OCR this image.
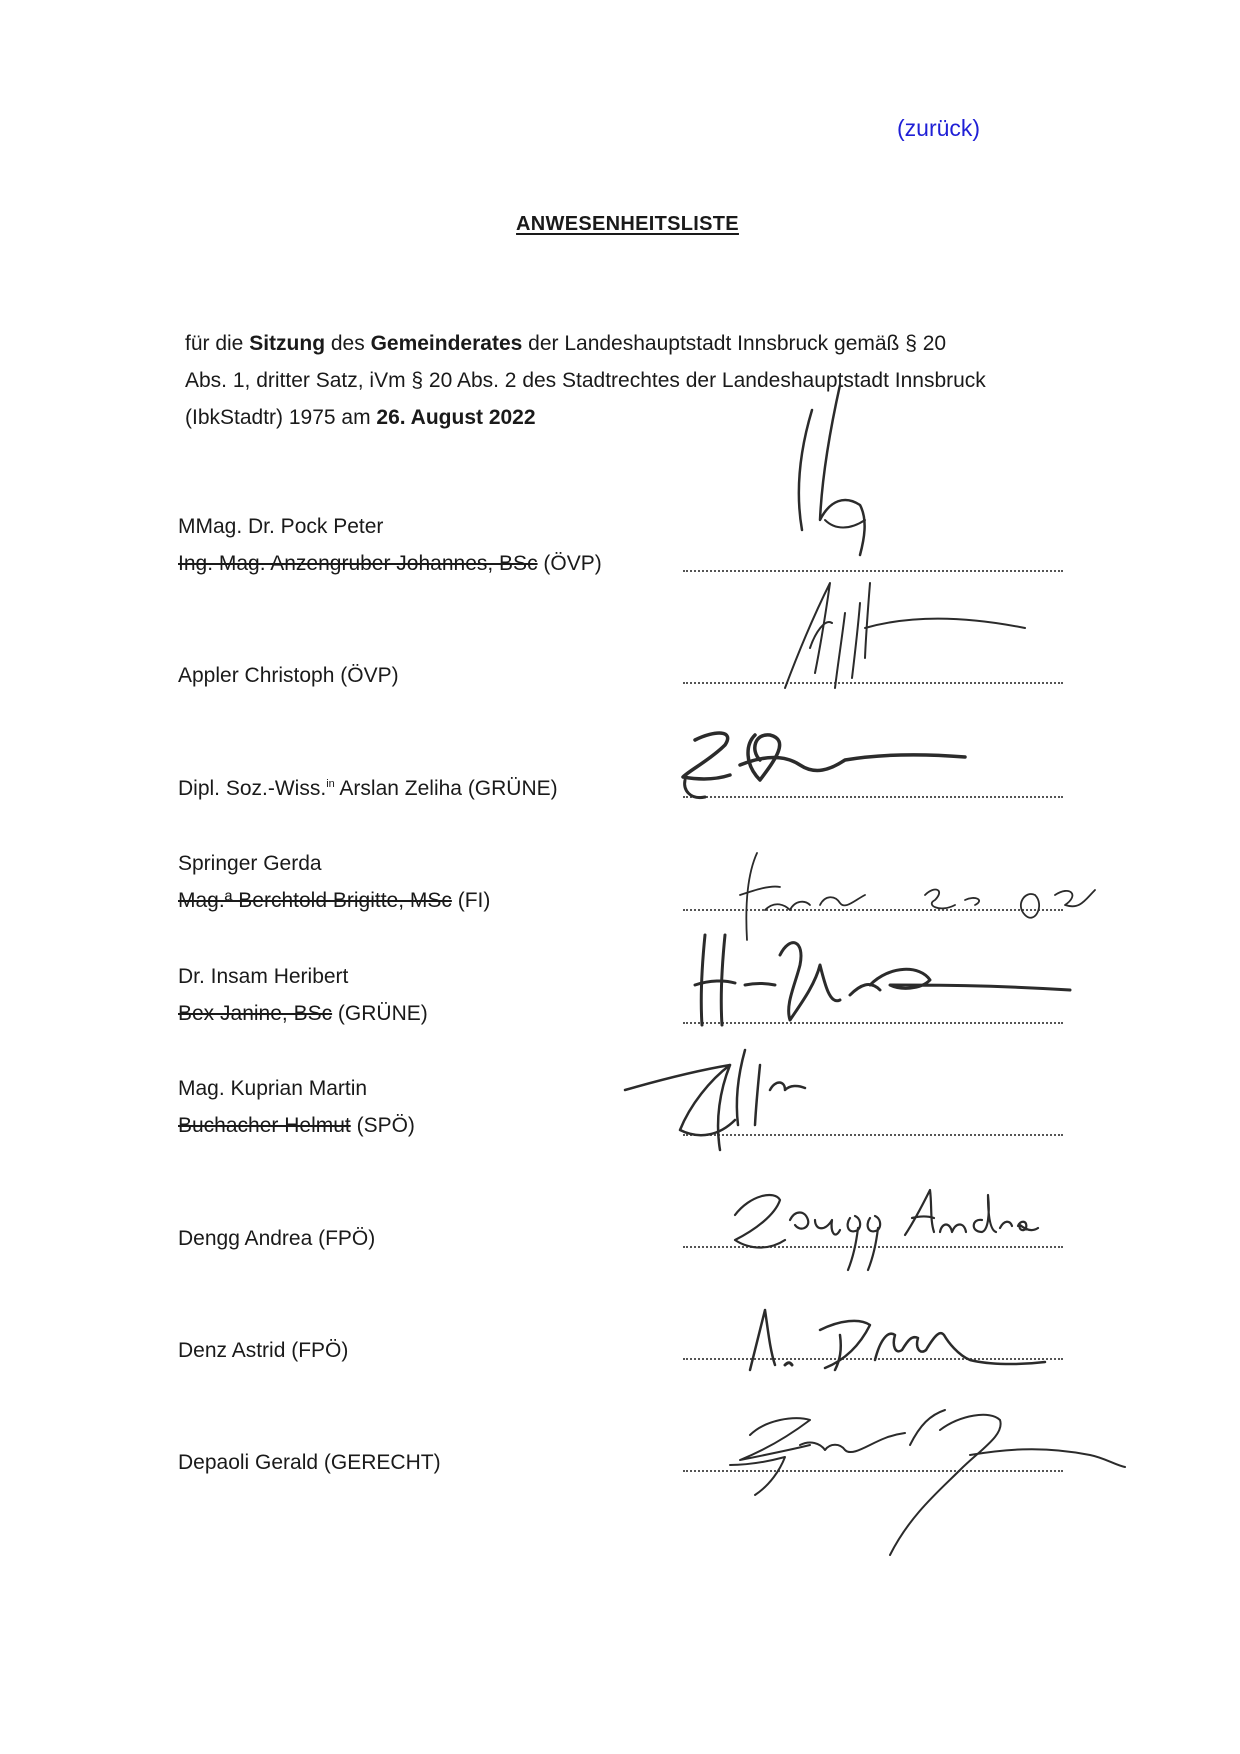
(zurück)
ANWESENHEITSLISTE
für die Sitzung des Gemeinderates der Landeshauptstadt Innsbruck gemäß § 20
Abs. 1, dritter Satz, iVm § 20 Abs. 2 des Stadtrechtes der Landeshauptstadt Innsbruck
(IbkStadtr) 1975 am 26. August 2022
MMag. Dr. Pock Peter
Ing. Mag. Anzengruber Johannes, BSc (ÖVP)
Appler Christoph (ÖVP)
Dipl. Soz.-Wiss.$^{in}$ Arslan Zeliha (GRÜNE)
Springer Gerda
Mag.ª Berchtold Brigitte, MSc (FI)
Dr. Insam Heribert
Bex Janine, BSc (GRÜNE)
Mag. Kuprian Martin
Buchacher Helmut (SPÖ)
Dengg Andrea (FPÖ)
Denz Astrid (FPÖ)
Depaoli Gerald (GERECHT)
